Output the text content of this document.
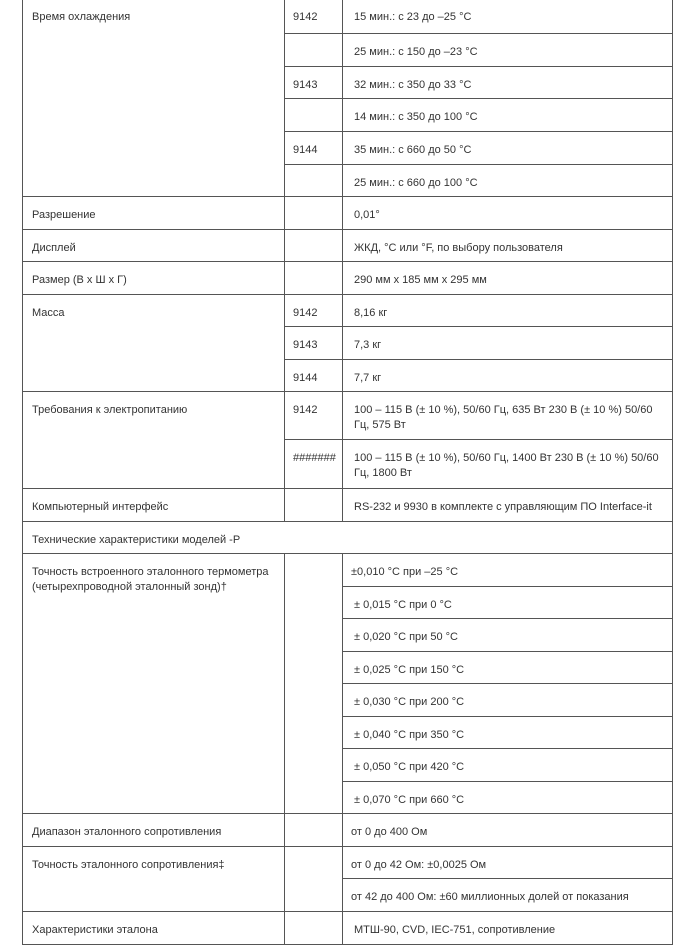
Время охлаждения	9142	15 мин.: с 23 до –25 °C

		25 мин.: с 150 до –23 °C

	9143	32 мин.: с 350 до 33 °C

		14 мин.: с 350 до 100 °C

	9144	35 мин.: с 660 до 50 °C

		25 мин.: с 660 до 100 °C

Разрешение		0,01°

Дисплей		ЖКД, °C или °F, по выбору пользователя

Размер (В x Ш x Г)		290 мм x 185 мм x 295 мм

Масса	9142	8,16 кг

	9143	7,3 кг

	9144	7,7 кг

Требования к электропитанию	9142	100 – 115 В (± 10 %), 50/60 Гц, 635 Вт 230 В (± 10 %) 50/60 Гц, 575 Вт

	#######	100 – 115 В (± 10 %), 50/60 Гц, 1400 Вт 230 В (± 10 %) 50/60 Гц, 1800 Вт

Компьютерный интерфейс		RS-232 и 9930 в комплекте с управляющим ПО Interface-it

Технические характеристики моделей -P		

Точность встроенного эталонного термометра (четырехпроводной эталонный зонд)†		±0,010 °C при –25 °C

		± 0,015 °C при 0 °C

		± 0,020 °C при 50 °C

		± 0,025 °C при 150 °C

		± 0,030 °C при 200 °C

		± 0,040 °C при 350 °C

		± 0,050 °C при 420 °C

		± 0,070 °C при 660 °C

Диапазон эталонного сопротивления		от 0 до 400 Ом

Точность эталонного сопротивления‡		от 0 до 42 Ом: ±0,0025 Ом

		от 42 до 400 Ом: ±60 миллионных долей от показания

Характеристики эталона		МТШ-90, CVD, IEC-751, сопротивление
